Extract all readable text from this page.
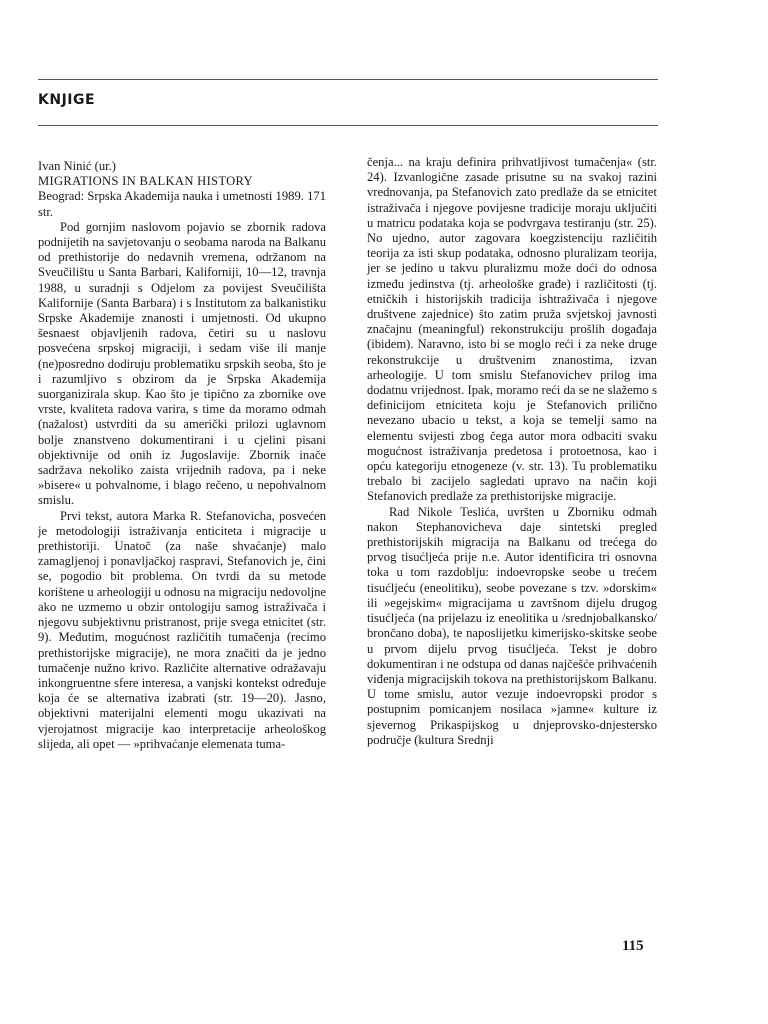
KNJIGE

Ivan Ninić (ur.)

MIGRATIONS IN BALKAN HISTORY

Beograd: Srpska Akademija nauka i umetnosti 1989. 171 str.

Pod gornjim naslovom pojavio se zbornik radova podnijetih na savjetovanju o seobama naroda na Balkanu od prethistorije do nedavnih vremena, održanom na Sveučilištu u Santa Barbari, Kaliforniji, 10—12, travnja 1988, u suradnji s Odjelom za povijest Sveučilišta Kalifornije (Santa Barbara) i s Institutom za balkanistiku Srpske Akademije znanosti i umjetnosti. Od ukupno šesnaest objavljenih radova, četiri su u naslovu posvećena srpskoj migraciji, i sedam više ili manje (ne)posredno dodiruju problematiku srpskih seoba, što je i razumljivo s obzirom da je Srpska Akademija suorganizirala skup. Kao što je tipično za zbornike ove vrste, kvaliteta radova varira, s time da moramo odmah (nažalost) ustvrditi da su američki prilozi uglavnom bolje znanstveno dokumentirani i u cjelini pisani objektivnije od onih iz Jugoslavije. Zbornik inače sadržava nekoliko zaista vrijednih radova, pa i neke »bisere« u pohvalnome, i blago rečeno, u nepohvalnom smislu.

Prvi tekst, autora Marka R. Stefanovicha, posvećen je metodologiji istraživanja enticiteta i migracije u prethistoriji. Unatoč (za naše shvaćanje) malo zamagljenoj i ponavljačkoj raspravi, Stefanovich je, čini se, pogodio bit problema. On tvrdi da su metode korištene u arheologiji u odnosu na migraciju nedovoljne ako ne uzmemo u obzir ontologiju samog istraživača i njegovu subjektivnu pristranost, prije svega etnicitet (str. 9). Međutim, mogućnost različitih tumačenja (recimo prethistorijske migracije), ne mora značiti da je jedno tumačenje nužno krivo. Različite alternative odražavaju inkongruentne sfere interesa, a vanjski kontekst određuje koja će se alternativa izabrati (str. 19—20). Jasno, objektivni materijalni elementi mogu ukazivati na vjerojatnost migracije kao interpretacije arheološkog slijeda, ali opet — »prihvaćanje elemenata tuma-

čenja... na kraju definira prihvatljivost tumačenja« (str. 24). Izvanlogične zasade prisutne su na svakoj razini vrednovanja, pa Stefanovich zato predlaže da se etnicitet istraživača i njegove povijesne tradicije moraju uključiti u matricu podataka koja se podvrgava testiranju (str. 25). No ujedno, autor zagovara koegzistenciju različitih teorija za isti skup podataka, odnosno pluralizam teorija, jer se jedino u takvu pluralizmu može doći do odnosa između jedinstva (tj. arheološke građe) i različitosti (tj. etničkih i historijskih tradicija ishtraživača i njegove društvene zajednice) što zatim pruža svjetskoj javnosti značajnu (meaningful) rekonstrukciju prošlih događaja (ibidem). Naravno, isto bi se moglo reći i za neke druge rekonstrukcije u društvenim znanostima, izvan arheologije. U tom smislu Stefanovichev prilog ima dodatnu vrijednost. Ipak, moramo reći da se ne slažemo s definicijom etniciteta koju je Stefanovich prilično nevezano ubacio u tekst, a koja se temelji samo na elementu svijesti zbog čega autor mora odbaciti svaku mogućnost istraživanja predetosa i protoetnosa, kao i opću kategoriju etnogeneze (v. str. 13). Tu problematiku trebalo bi zacijelo sagledati upravo na način koji Stefanovich predlaže za prethistorijske migracije.

Rad Nikole Teslića, uvršten u Zborniku odmah nakon Stephanovicheva daje sintetski pregled prethistorijskih migracija na Balkanu od trećega do prvog tisućljeća prije n.e. Autor identificira tri osnovna toka u tom razdoblju: indoevropske seobe u trećem tisućljeću (eneolitiku), seobe povezane s tzv. »dorskim« ili »egejskim« migracijama u završnom dijelu drugog tisućljeća (na prijelazu iz eneolitika u /srednjobalkansko/ brončano doba), te naposlijetku kimerijsko-skitske seobe u prvom dijelu prvog tisućljeća. Tekst je dobro dokumentiran i ne odstupa od danas najčešće prihvaćenih viđenja migracijskih tokova na prethistorijskom Balkanu. U tome smislu, autor vezuje indoevropski prodor s postupnim pomicanjem nosilaca »jamne« kulture iz sjevernog Prikaspijskog u dnjeprovsko-dnjestersko područje (kultura Srednji

115
